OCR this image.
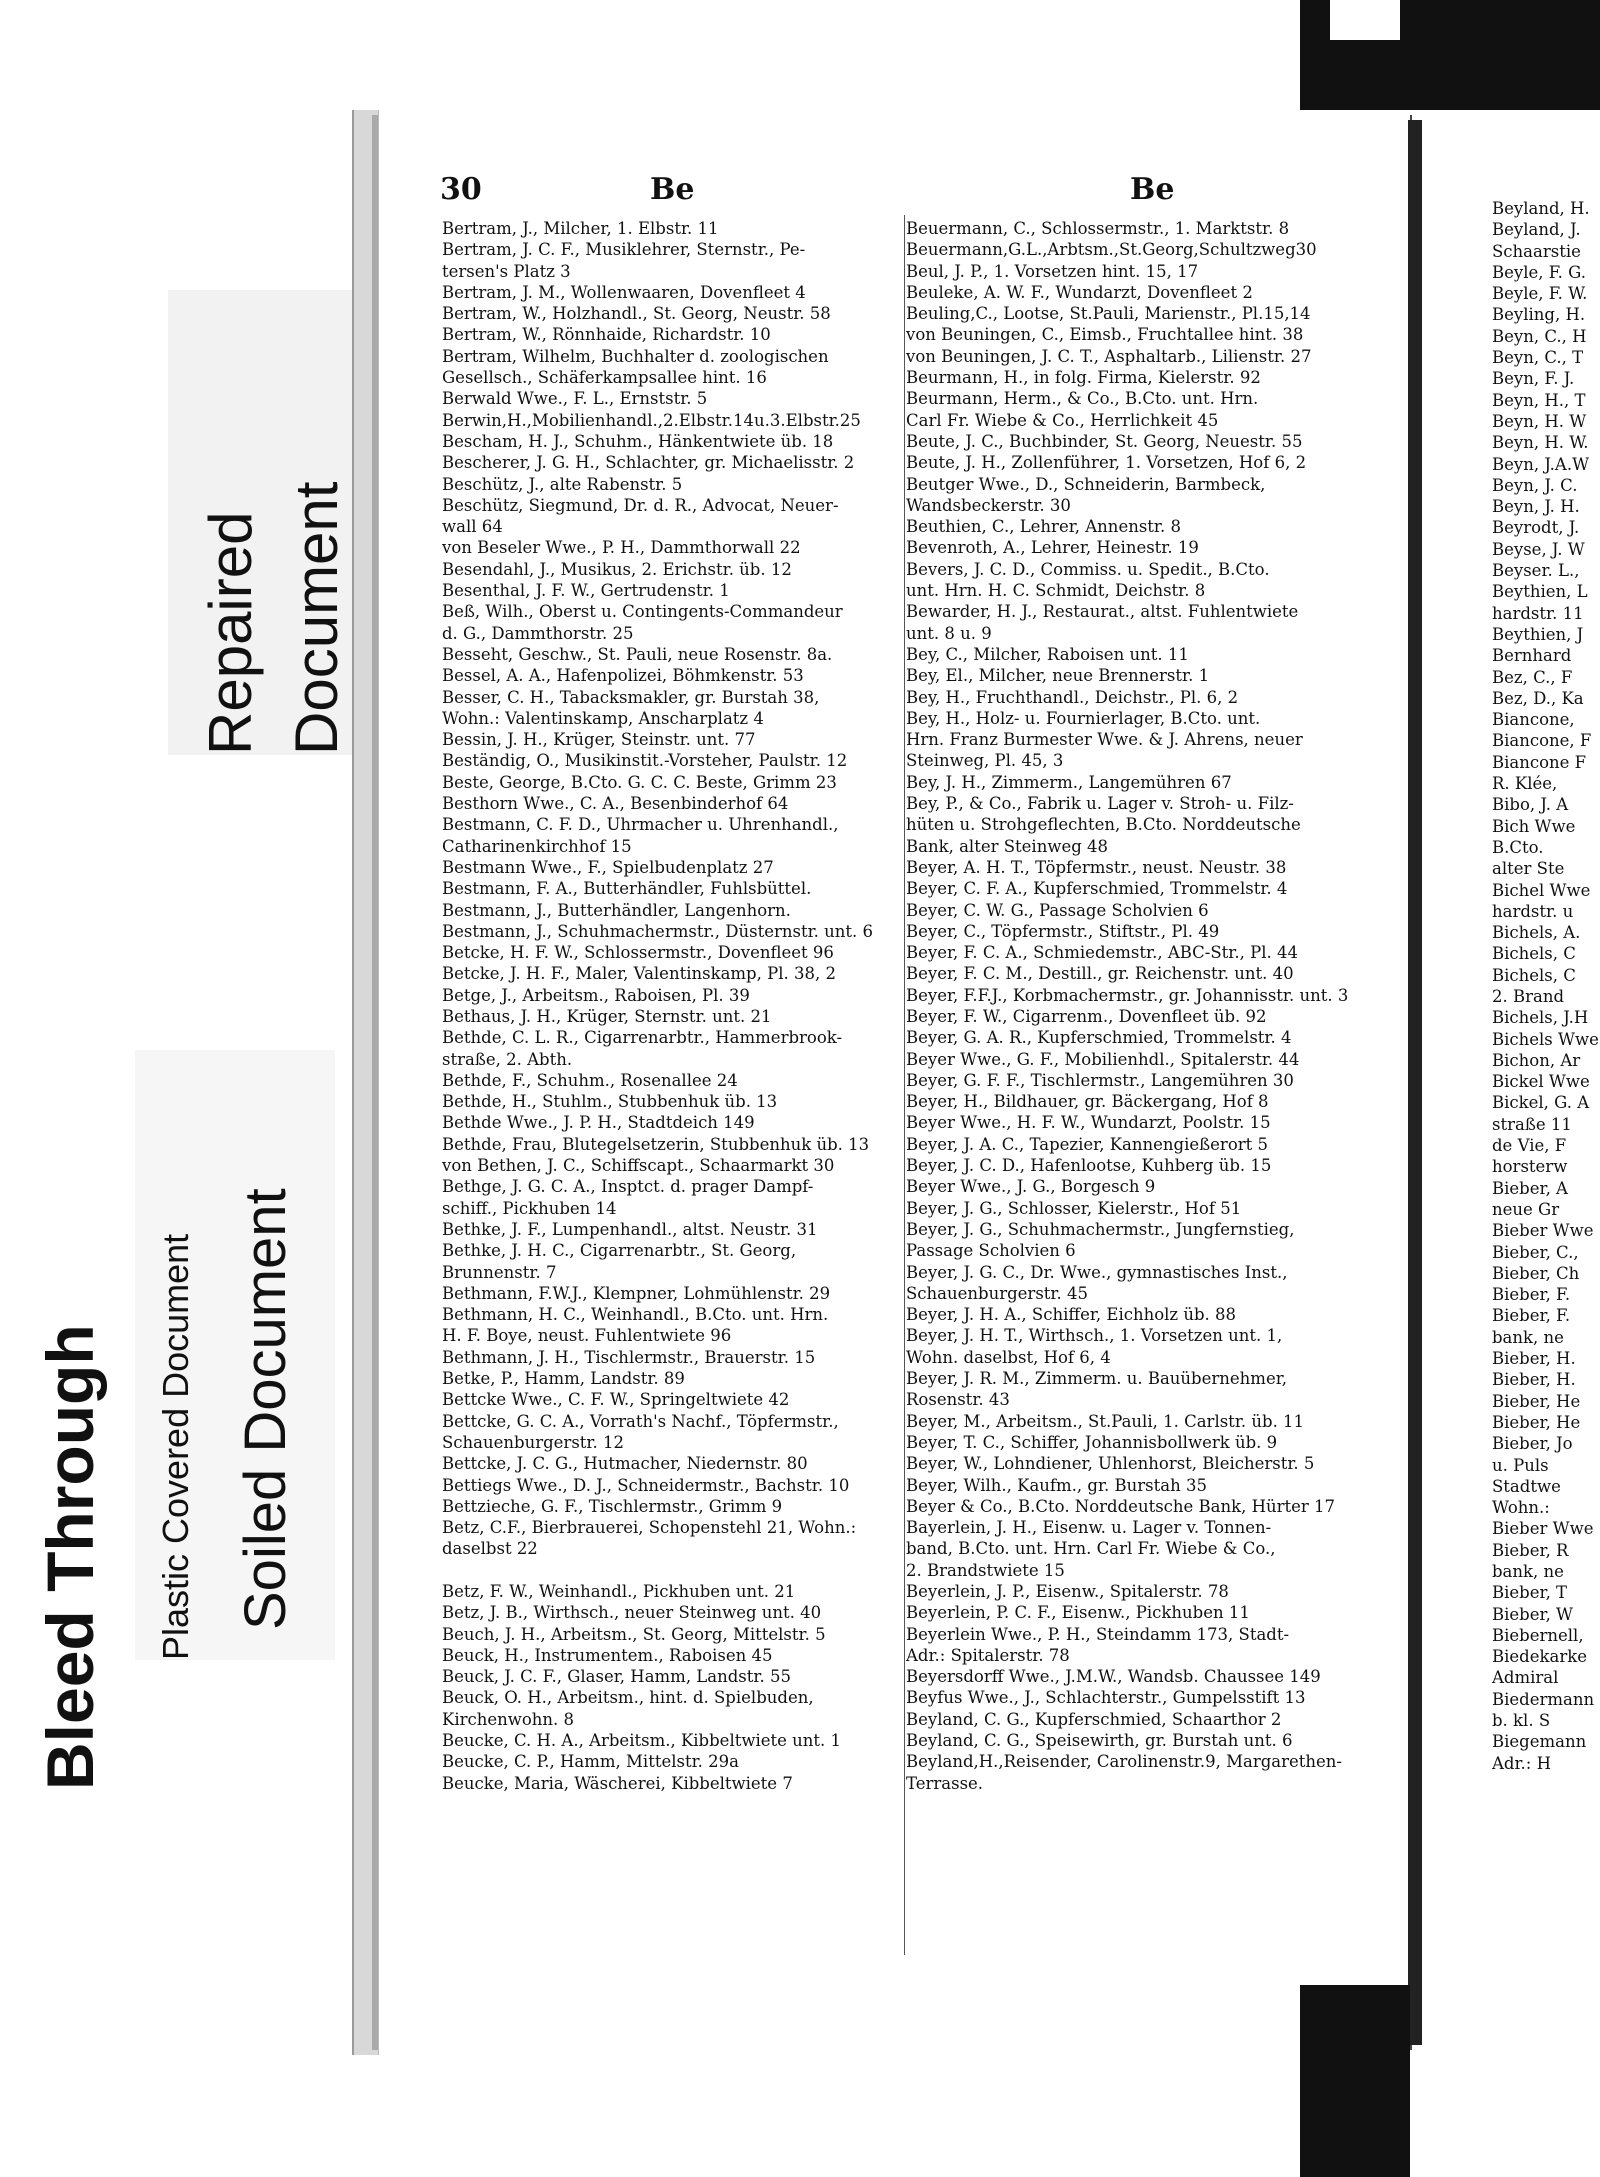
Bleed Through Plastic Covered Document Soiled Document
Repaired Document
30	Be	Be
Bertram, J., Milcher, 1. Elbstr. 11
Bertram, J. C. F., Musiklehrer, Sternstr., Pe-
tersen's Platz 3
Bertram, J. M., Wollenwaaren, Dovenfleet 4
Bertram, W., Holzhandl., St. Georg, Neustr. 58
Bertram, W., Rönnhaide, Richardstr. 10
Bertram, Wilhelm, Buchhalter d. zoologischen
Gesellsch., Schäferkampsallee hint. 16
Berwald Wwe., F. L., Ernststr. 5
Berwin,H.,Mobilienhandl.,2.Elbstr.14u.3.Elbstr.25
Bescham, H. J., Schuhm., Hänkentwiete üb. 18
Bescherer, J. G. H., Schlachter, gr. Michaelisstr. 2
Beschütz, J., alte Rabenstr. 5
Beschütz, Siegmund, Dr. d. R., Advocat, Neuer-
wall 64
von Beseler Wwe., P. H., Dammthorwall 22
Besendahl, J., Musikus, 2. Erichstr. üb. 12
Besenthal, J. F. W., Gertrudenstr. 1
Beß, Wilh., Oberst u. Contingents-Commandeur
d. G., Dammthorstr. 25
Besseht, Geschw., St. Pauli, neue Rosenstr. 8a.
Bessel, A. A., Hafenpolizei, Böhmkenstr. 53
Besser, C. H., Tabacksmakler, gr. Burstah 38,
Wohn.: Valentinskamp, Anscharplatz 4
Bessin, J. H., Krüger, Steinstr. unt. 77
Beständig, O., Musikinstit.-Vorsteher, Paulstr. 12
Beste, George, B.Cto. G. C. C. Beste, Grimm 23
Besthorn Wwe., C. A., Besenbinderhof 64
Bestmann, C. F. D., Uhrmacher u. Uhrenhandl.,
Catharinenkirchhof 15
Bestmann Wwe., F., Spielbudenplatz 27
Bestmann, F. A., Butterhändler, Fuhlsbüttel.
Bestmann, J., Butterhändler, Langenhorn.
Bestmann, J., Schuhmachermstr., Düsternstr. unt. 6
Betcke, H. F. W., Schlossermstr., Dovenfleet 96
Betcke, J. H. F., Maler, Valentinskamp, Pl. 38, 2
Betge, J., Arbeitsm., Raboisen, Pl. 39
Bethaus, J. H., Krüger, Sternstr. unt. 21
Bethde, C. L. R., Cigarrenarbtr., Hammerbrook-
straße, 2. Abth.
Bethde, F., Schuhm., Rosenallee 24
Bethde, H., Stuhlm., Stubbenhuk üb. 13
Bethde Wwe., J. P. H., Stadtdeich 149
Bethde, Frau, Blutegelsetzerin, Stubbenhuk üb. 13
von Bethen, J. C., Schiffscapt., Schaarmarkt 30
Bethge, J. G. C. A., Insptct. d. prager Dampf-
schiff., Pickhuben 14
Bethke, J. F., Lumpenhandl., altst. Neustr. 31
Bethke, J. H. C., Cigarrenarbtr., St. Georg,
Brunnenstr. 7
Bethmann, F.W.J., Klempner, Lohmühlenstr. 29
Bethmann, H. C., Weinhandl., B.Cto. unt. Hrn.
H. F. Boye, neust. Fuhlentwiete 96
Bethmann, J. H., Tischlermstr., Brauerstr. 15
Betke, P., Hamm, Landstr. 89
Bettcke Wwe., C. F. W., Springeltwiete 42
Bettcke, G. C. A., Vorrath's Nachf., Töpfermstr.,
Schauenburgerstr. 12
Bettcke, J. C. G., Hutmacher, Niedernstr. 80
Bettiegs Wwe., D. J., Schneidermstr., Bachstr. 10
Bettzieche, G. F., Tischlermstr., Grimm 9
Betz, C.F., Bierbrauerei, Schopenstehl 21, Wohn.:
daselbst 22

Betz, F. W., Weinhandl., Pickhuben unt. 21
Betz, J. B., Wirthsch., neuer Steinweg unt. 40
Beuch, J. H., Arbeitsm., St. Georg, Mittelstr. 5
Beuck, H., Instrumentem., Raboisen 45
Beuck, J. C. F., Glaser, Hamm, Landstr. 55
Beuck, O. H., Arbeitsm., hint. d. Spielbuden,
Kirchenwohn. 8
Beucke, C. H. A., Arbeitsm., Kibbeltwiete unt. 1
Beucke, C. P., Hamm, Mittelstr. 29a
Beucke, Maria, Wäscherei, Kibbeltwiete 7
Beuermann, C., Schlossermstr., 1. Marktstr. 8
Beuermann,G.L.,Arbtsm.,St.Georg,Schultzweg30
Beul, J. P., 1. Vorsetzen hint. 15, 17
Beuleke, A. W. F., Wundarzt, Dovenfleet 2
Beuling,C., Lootse, St.Pauli, Marienstr., Pl.15,14
von Beuningen, C., Eimsb., Fruchtallee hint. 38
von Beuningen, J. C. T., Asphaltarb., Lilienstr. 27
Beurmann, H., in folg. Firma, Kielerstr. 92
Beurmann, Herm., & Co., B.Cto. unt. Hrn.
Carl Fr. Wiebe & Co., Herrlichkeit 45
Beute, J. C., Buchbinder, St. Georg, Neuestr. 55
Beute, J. H., Zollenführer, 1. Vorsetzen, Hof 6, 2
Beutger Wwe., D., Schneiderin, Barmbeck,
Wandsbeckerstr. 30
Beuthien, C., Lehrer, Annenstr. 8
Bevenroth, A., Lehrer, Heinestr. 19
Bevers, J. C. D., Commiss. u. Spedit., B.Cto.
unt. Hrn. H. C. Schmidt, Deichstr. 8
Bewarder, H. J., Restaurat., altst. Fuhlentwiete
unt. 8 u. 9
Bey, C., Milcher, Raboisen unt. 11
Bey, El., Milcher, neue Brennerstr. 1
Bey, H., Fruchthandl., Deichstr., Pl. 6, 2
Bey, H., Holz- u. Fournierlager, B.Cto. unt.
Hrn. Franz Burmester Wwe. & J. Ahrens, neuer
Steinweg, Pl. 45, 3
Bey, J. H., Zimmerm., Langemühren 67
Bey, P., & Co., Fabrik u. Lager v. Stroh- u. Filz-
hüten u. Strohgeflechten, B.Cto. Norddeutsche
Bank, alter Steinweg 48
Beyer, A. H. T., Töpfermstr., neust. Neustr. 38
Beyer, C. F. A., Kupferschmied, Trommelstr. 4
Beyer, C. W. G., Passage Scholvien 6
Beyer, C., Töpfermstr., Stiftstr., Pl. 49
Beyer, F. C. A., Schmiedemstr., ABC-Str., Pl. 44
Beyer, F. C. M., Destill., gr. Reichenstr. unt. 40
Beyer, F.F.J., Korbmachermstr., gr. Johannisstr. unt. 3
Beyer, F. W., Cigarrenm., Dovenfleet üb. 92
Beyer, G. A. R., Kupferschmied, Trommelstr. 4
Beyer Wwe., G. F., Mobilienhdl., Spitalerstr. 44
Beyer, G. F. F., Tischlermstr., Langemühren 30
Beyer, H., Bildhauer, gr. Bäckergang, Hof 8
Beyer Wwe., H. F. W., Wundarzt, Poolstr. 15
Beyer, J. A. C., Tapezier, Kannengießerort 5
Beyer, J. C. D., Hafenlootse, Kuhberg üb. 15
Beyer Wwe., J. G., Borgesch 9
Beyer, J. G., Schlosser, Kielerstr., Hof 51
Beyer, J. G., Schuhmachermstr., Jungfernstieg,
Passage Scholvien 6
Beyer, J. G. C., Dr. Wwe., gymnastisches Inst.,
Schauenburgerstr. 45
Beyer, J. H. A., Schiffer, Eichholz üb. 88
Beyer, J. H. T., Wirthsch., 1. Vorsetzen unt. 1,
Wohn. daselbst, Hof 6, 4
Beyer, J. R. M., Zimmerm. u. Bauübernehmer,
Rosenstr. 43
Beyer, M., Arbeitsm., St.Pauli, 1. Carlstr. üb. 11
Beyer, T. C., Schiffer, Johannisbollwerk üb. 9
Beyer, W., Lohndiener, Uhlenhorst, Bleicherstr. 5
Beyer, Wilh., Kaufm., gr. Burstah 35
Beyer & Co., B.Cto. Norddeutsche Bank, Hürter 17
Bayerlein, J. H., Eisenw. u. Lager v. Tonnen-
band, B.Cto. unt. Hrn. Carl Fr. Wiebe & Co.,
2. Brandstwiete 15
Beyerlein, J. P., Eisenw., Spitalerstr. 78
Beyerlein, P. C. F., Eisenw., Pickhuben 11
Beyerlein Wwe., P. H., Steindamm 173, Stadt-
Adr.: Spitalerstr. 78
Beyersdorff Wwe., J.M.W., Wandsb. Chaussee 149
Beyfus Wwe., J., Schlachterstr., Gumpelsstift 13
Beyland, C. G., Kupferschmied, Schaarthor 2
Beyland, C. G., Speisewirth, gr. Burstah unt. 6
Beyland,H.,Reisender, Carolinenstr.9, Margarethen-
Terrasse.
Beyland, H.
Beyland, J.
Schaarstie
Beyle, F. G.
Beyle, F. W.
Beyling, H.
Beyn, C., H
Beyn, C., T
Beyn, F. J.
Beyn, H., T
Beyn, H. W
Beyn, H. W.
Beyn, J.A.W
Beyn, J. C.
Beyn, J. H.
Beyrodt, J.
Beyse, J. W
Beyser. L.,
Beythien, L
hardstr. 11
Beythien, J
Bernhard
Bez, C., F
Bez, D., Ka
Biancone,
Biancone, F
Biancone F
R. Klée,
Bibo, J. A
Bich Wwe
B.Cto.
alter Ste
Bichel Wwe
hardstr. u
Bichels, A.
Bichels, C
Bichels, C
2. Brand
Bichels, J.H
Bichels Wwe
Bichon, Ar
Bickel Wwe
Bickel, G. A
straße 11
de Vie, F
horsterw
Bieber, A
neue Gr
Bieber Wwe
Bieber, C.,
Bieber, Ch
Bieber, F.
Bieber, F.
bank, ne
Bieber, H.
Bieber, H.
Bieber, He
Bieber, He
Bieber, Jo
u. Puls
Stadtwe
Wohn.:
Bieber Wwe
Bieber, R
bank, ne
Bieber, T
Bieber, W
Biebernell,
Biedekarke
Admiral
Biedermann
b. kl. S
Biegemann
Adr.: H
